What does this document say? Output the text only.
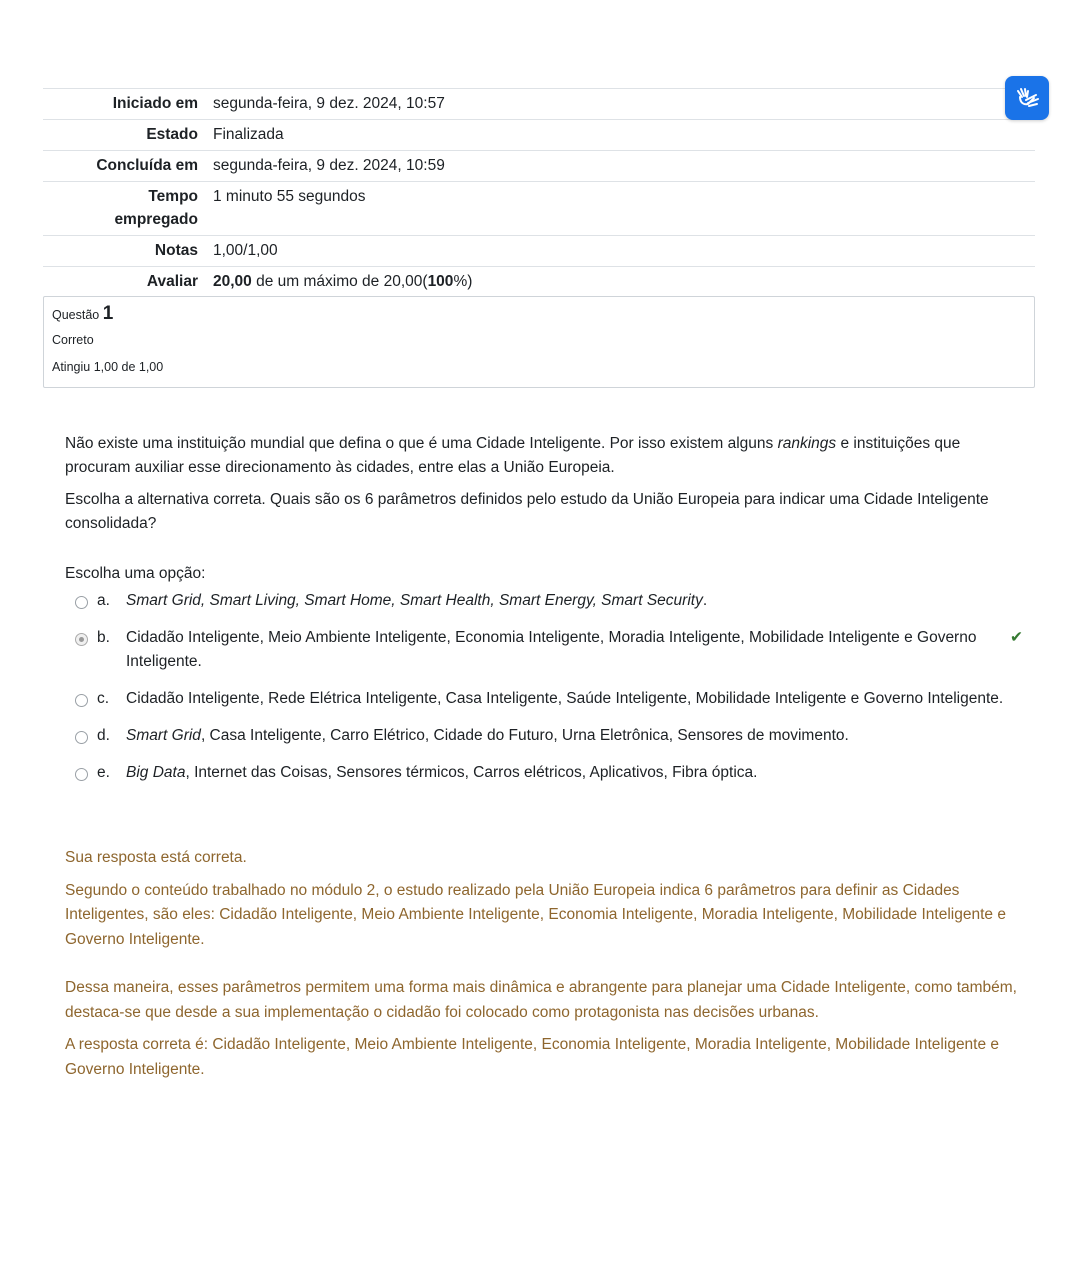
Iniciado em segunda-feira, 9 dez. 2024, 10:57
Estado Finalizada
Concluída em segunda-feira, 9 dez. 2024, 10:59
Tempo
empregado
1 minuto 55 segundos
Notas 1,00/1,00
Avaliar 20,00 de um máximo de 20,00(100%)
Questão 1
Correto
Atingiu 1,00 de 1,00

Não existe uma instituição mundial que defina o que é uma Cidade Inteligente. Por isso existem alguns rankings e instituições que procuram auxiliar esse direcionamento às cidades, entre elas a União Europeia.

Escolha a alternativa correta. Quais são os 6 parâmetros definidos pelo estudo da União Europeia para indicar uma Cidade Inteligente consolidada?

Escolha uma opção:
a.	Smart Grid, Smart Living, Smart Home, Smart Health, Smart Energy, Smart Security.
b.	Cidadão Inteligente, Meio Ambiente Inteligente, Economia Inteligente, Moradia Inteligente, Mobilidade Inteligente e Governo Inteligente.
✔
c.	Cidadão Inteligente, Rede Elétrica Inteligente, Casa Inteligente, Saúde Inteligente, Mobilidade Inteligente e Governo Inteligente.
d.	Smart Grid, Casa Inteligente, Carro Elétrico, Cidade do Futuro, Urna Eletrônica, Sensores de movimento.
e.	Big Data, Internet das Coisas, Sensores térmicos, Carros elétricos, Aplicativos, Fibra óptica.

Sua resposta está correta.

Segundo o conteúdo trabalhado no módulo 2, o estudo realizado pela União Europeia indica 6 parâmetros para definir as Cidades Inteligentes, são eles: Cidadão Inteligente, Meio Ambiente Inteligente, Economia Inteligente, Moradia Inteligente, Mobilidade Inteligente e Governo Inteligente.

Dessa maneira, esses parâmetros permitem uma forma mais dinâmica e abrangente para planejar uma Cidade Inteligente, como também, destaca-se que desde a sua implementação o cidadão foi colocado como protagonista nas decisões urbanas.

A resposta correta é: Cidadão Inteligente, Meio Ambiente Inteligente, Economia Inteligente, Moradia Inteligente, Mobilidade Inteligente e Governo Inteligente.
